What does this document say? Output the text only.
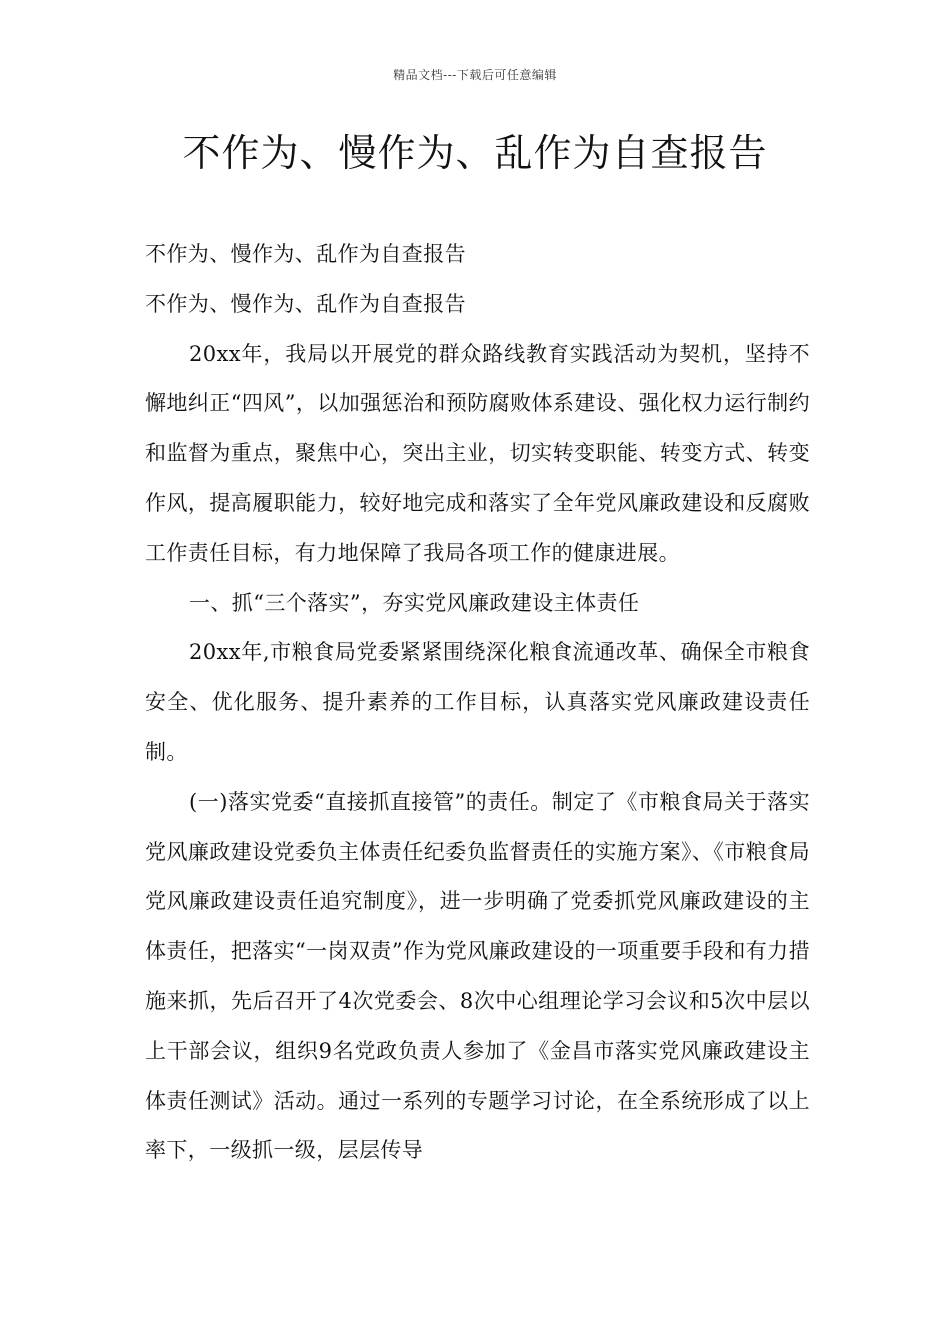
精品文档---下载后可任意编辑
不作为、慢作为、乱作为自查报告

不作为、慢作为、乱作为自查报告

不作为、慢作为、乱作为自查报告

20xx年，我局以开展党的群众路线教育实践活动为契机，坚持不懈地纠正“四风”，以加强惩治和预防腐败体系建设、强化权力运行制约和监督为重点，聚焦中心，突出主业，切实转变职能、转变方式、转变作风，提高履职能力，较好地完成和落实了全年党风廉政建设和反腐败工作责任目标，有力地保障了我局各项工作的健康进展。

一、抓“三个落实”，夯实党风廉政建设主体责任

20xx年,市粮食局党委紧紧围绕深化粮食流通改革、确保全市粮食安全、优化服务、提升素养的工作目标，认真落实党风廉政建设责任制。

(一)落实党委“直接抓直接管”的责任。制定了《市粮食局关于落实党风廉政建设党委负主体责任纪委负监督责任的实施方案》、《市粮食局党风廉政建设责任追究制度》，进一步明确了党委抓党风廉政建设的主体责任，把落实“一岗双责”作为党风廉政建设的一项重要手段和有力措施来抓，先后召开了4次党委会、8次中心组理论学习会议和5次中层以上干部会议，组织9名党政负责人参加了《金昌市落实党风廉政建设主体责任测试》活动。通过一系列的专题学习讨论，在全系统形成了以上率下，一级抓一级，层层传导
